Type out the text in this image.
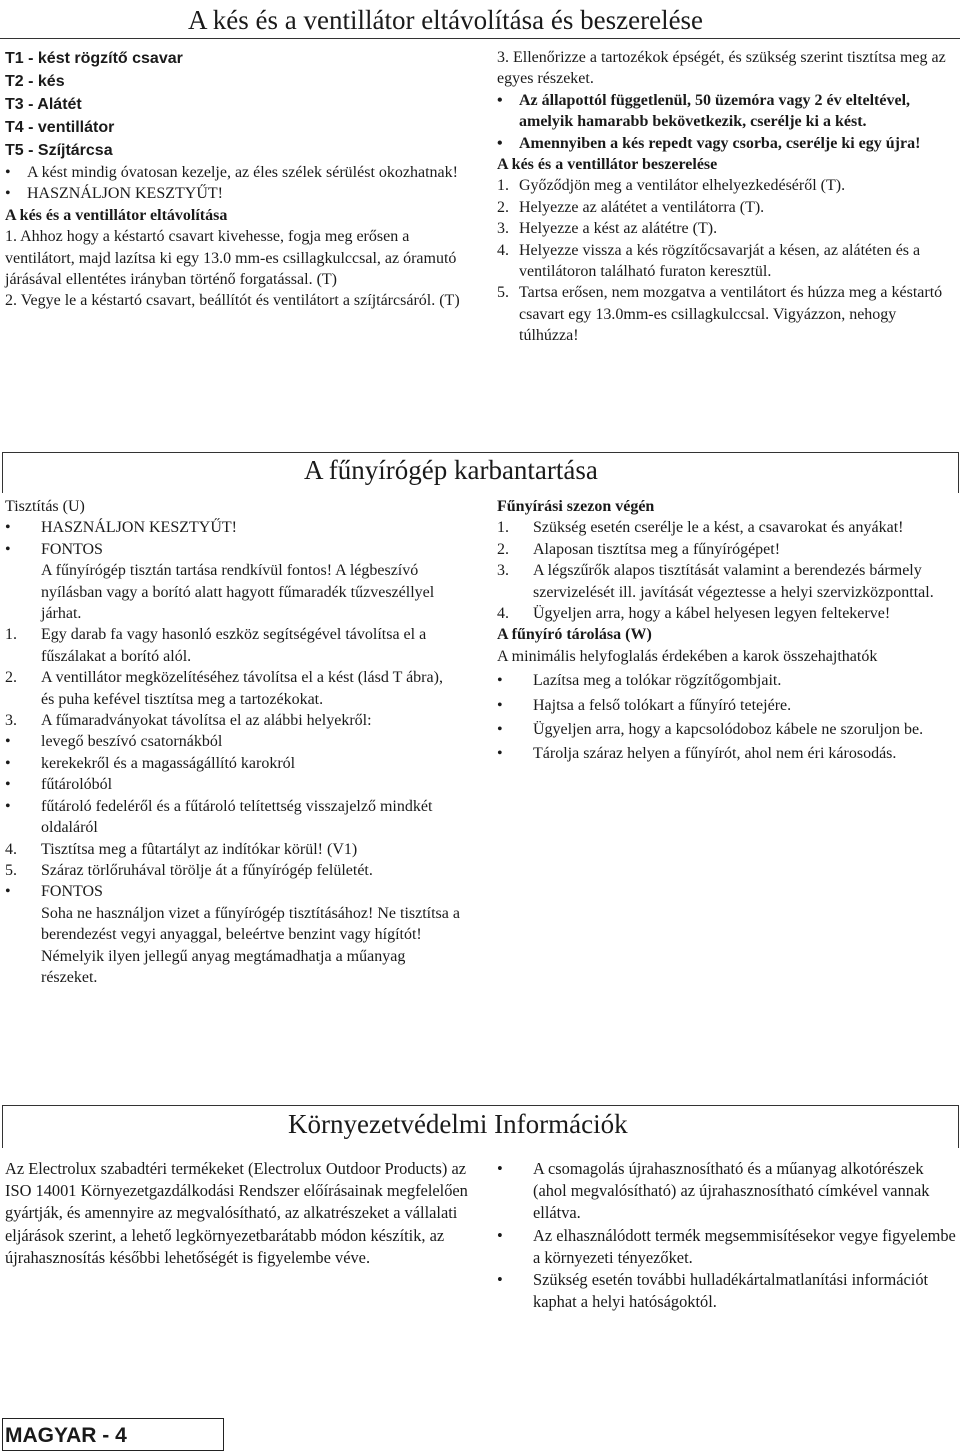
A kés és a ventillátor eltávolítása és beszerelése

T1 - kést rögzítő csavar

T2 - kés

T3 - Alátét

T4 - ventillátor

T5 - Szíjtárcsa

• A kést mindig óvatosan kezelje, az éles szélek sérülést okozhatnak!
• HASZNÁLJON KESZTYŰT!

A kés és a ventillátor eltávolítása

1. Ahhoz hogy a késtartó csavart kivehesse, fogja meg erősen a ventilátort, majd lazítsa ki egy 13.0 mm-es csillagkulccsal, az óramutó járásával ellentétes irányban történő forgatással. (T)

2. Vegye le a késtartó csavart, beállítót és ventilátort a szíjtárcsáról. (T)

3. Ellenőrizze a tartozékok épségét, és szükség szerint tisztítsa meg az egyes részeket.

• Az állapottól függetlenül, 50 üzemóra vagy 2 év elteltével, amelyik hamarabb bekövetkezik, cserélje ki a kést.
• Amennyiben a kés repedt vagy csorba, cserélje ki egy újra!

A kés és a ventillátor beszerelése

1. Győződjön meg a ventilátor elhelyezkedéséről (T).
2. Helyezze az alátétet a ventilátorra (T).
3. Helyezze a kést az alátétre (T).
4. Helyezze vissza a kés rögzítőcsavarját a késen, az alátéten és a ventilátoron található furaton keresztül.
5. Tartsa erősen, nem mozgatva a ventilátort és húzza meg a késtartó csavart egy 13.0mm-es csillagkulccsal. Vigyázzon, nehogy túlhúzza!
A fűnyírógép karbantartása

Tisztítás (U)

• HASZNÁLJON KESZTYŰT!
• FONTOS
A fűnyírógép tisztán tartása rendkívül fontos! A légbeszívó nyílásban vagy a borító alatt hagyott fűmaradék tűzveszéllyel járhat.
1. Egy darab fa vagy hasonló eszköz segítségével távolítsa el a fűszálakat a borító alól.
2. A ventillátor megközelítéséhez távolítsa el a kést (lásd T ábra), és puha kefével tisztítsa meg a tartozékokat.
3. A fűmaradványokat távolítsa el az alábbi helyekről:
• levegő beszívó csatornákból
• kerekekről és a magasságállító karokról
• fűtárolóból
• fűtároló fedeléről és a fűtároló telítettség visszajelző mindkét oldaláról
4. Tisztítsa meg a fûtartályt az indítókar körül! (V1)
5. Száraz törlőruhával törölje át a fűnyírógép felületét.
• FONTOS
Soha ne használjon vizet a fűnyírógép tisztításához! Ne tisztítsa a berendezést vegyi anyaggal, beleértve benzint vagy hígítót! Némelyik ilyen jellegű anyag megtámadhatja a műanyag részeket.

Fűnyírási szezon végén

1. Szükség esetén cserélje le a kést, a csavarokat és anyákat!
2. Alaposan tisztítsa meg a fűnyírógépet!
3. A légszűrők alapos tisztítását valamint a berendezés bármely szervizelését ill. javítását végeztesse a helyi szervizközponttal.
4. Ügyeljen arra, hogy a kábel helyesen legyen feltekerve!

A fűnyíró tárolása (W)

A minimális helyfoglalás érdekében a karok összehajthatók

• Lazítsa meg a tolókar rögzítőgombjait.
• Hajtsa a felső tolókart a fűnyíró tetejére.
• Ügyeljen arra, hogy a kapcsolódoboz kábele ne szoruljon be.
• Tárolja száraz helyen a fűnyírót, ahol nem éri károsodás.
Környezetvédelmi Információk

Az Electrolux szabadtéri termékeket (Electrolux Outdoor Products) az ISO 14001 Környezetgazdálkodási Rendszer előírásainak megfelelően gyártják, és amennyire az megvalósítható, az alkatrészeket a vállalati eljárások szerint, a lehető legkörnyezetbarátabb módon készítik, az újrahasznosítás későbbi lehetőségét is figyelembe véve.

• A csomagolás újrahasznosítható és a műanyag alkotórészek (ahol megvalósítható) az újrahasznosítható címkével vannak ellátva.
• Az elhasználódott termék megsemmisítésekor vegye figyelembe a környezeti tényezőket.
• Szükség esetén további hulladékártalmatlanítási információt kaphat a helyi hatóságoktól.
MAGYAR - 4
